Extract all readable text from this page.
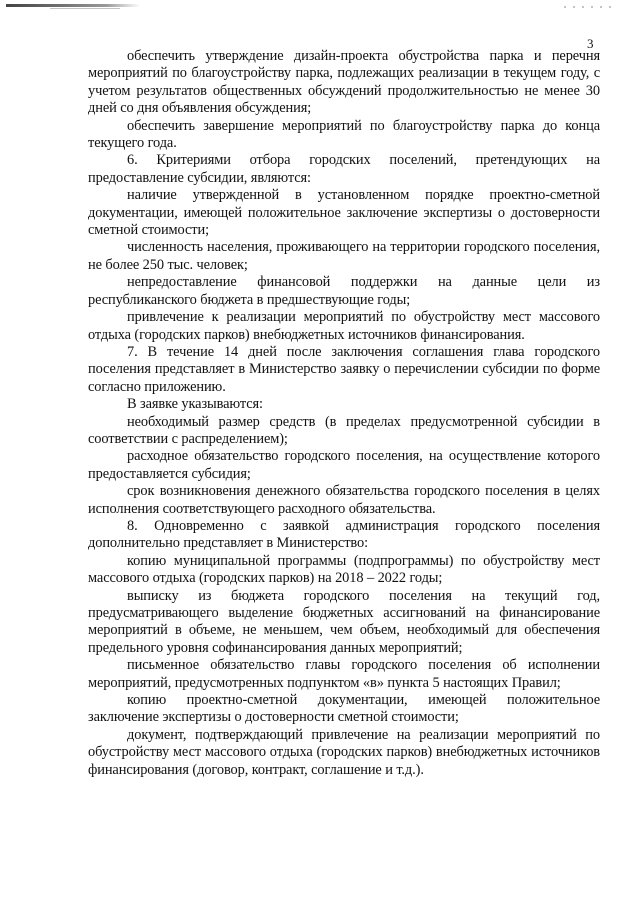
3

обеспечить утверждение дизайн-проекта обустройства парка и перечня мероприятий по благоустройству парка, подлежащих реализации в текущем году, с учетом результатов общественных обсуждений продолжительностью не менее 30 дней со дня объявления обсуждения;

обеспечить завершение мероприятий по благоустройству парка до конца текущего года.

6. Критериями отбора городских поселений, претендующих на предоставление субсидии, являются:

наличие утвержденной в установленном порядке проектно-сметной документации, имеющей положительное заключение экспертизы о достоверности сметной стоимости;

численность населения, проживающего на территории городского поселения, не более 250 тыс. человек;

непредоставление финансовой поддержки на данные цели из республиканского бюджета в предшествующие годы;

привлечение к реализации мероприятий по обустройству мест массового отдыха (городских парков) внебюджетных источников финансирования.

7. В течение 14 дней после заключения соглашения глава городского поселения представляет в Министерство заявку о перечислении субсидии по форме согласно приложению.

В заявке указываются:

необходимый размер средств (в пределах предусмотренной субсидии в соответствии с распределением);

расходное обязательство городского поселения, на осуществление которого предоставляется субсидия;

срок возникновения денежного обязательства городского поселения в целях исполнения соответствующего расходного обязательства.

8. Одновременно с заявкой администрация городского поселения дополнительно представляет в Министерство:

копию муниципальной программы (подпрограммы) по обустройству мест массового отдыха (городских парков) на 2018 – 2022 годы;

выписку из бюджета городского поселения на текущий год, предусматривающего выделение бюджетных ассигнований на финансирование мероприятий в объеме, не меньшем, чем объем, необходимый для обеспечения предельного уровня софинансирования данных мероприятий;

письменное обязательство главы городского поселения об исполнении мероприятий, предусмотренных подпунктом «в» пункта 5 настоящих Правил;

копию проектно-сметной документации, имеющей положительное заключение экспертизы о достоверности сметной стоимости;

документ, подтверждающий привлечение на реализации мероприятий по обустройству мест массового отдыха (городских парков) внебюджетных источников финансирования (договор, контракт, соглашение и т.д.).
